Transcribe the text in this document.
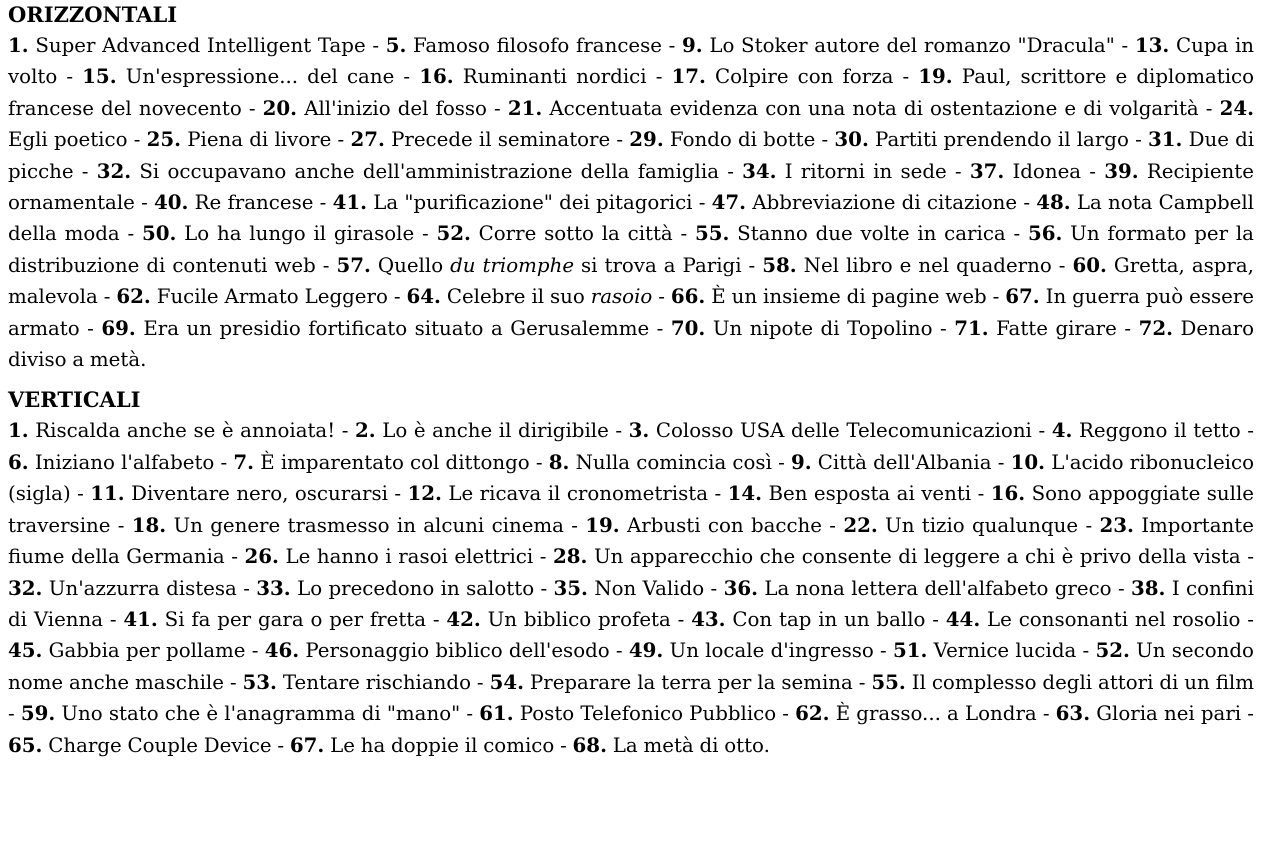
ORIZZONTALI

1. Super Advanced Intelligent Tape - 5. Famoso filosofo francese - 9. Lo Stoker autore del romanzo "Dracula" - 13. Cupa in volto - 15. Un'espressione... del cane - 16. Ruminanti nordici - 17. Colpire con forza - 19. Paul, scrittore e diplomatico francese del novecento - 20. All'inizio del fosso - 21. Accentuata evidenza con una nota di ostentazione e di volgarità - 24. Egli poetico - 25. Piena di livore - 27. Precede il seminatore - 29. Fondo di botte - 30. Partiti prendendo il largo - 31. Due di picche - 32. Si occupavano anche dell'amministrazione della famiglia - 34. I ritorni in sede - 37. Idonea - 39. Recipiente ornamentale - 40. Re francese - 41. La "purificazione" dei pitagorici - 47. Abbreviazione di citazione - 48. La nota Campbell della moda - 50. Lo ha lungo il girasole - 52. Corre sotto la città - 55. Stanno due volte in carica - 56. Un formato per la distribuzione di contenuti web - 57. Quello du triomphe si trova a Parigi - 58. Nel libro e nel quaderno - 60. Gretta, aspra, malevola - 62. Fucile Armato Leggero - 64. Celebre il suo rasoio - 66. È un insieme di pagine web - 67. In guerra può essere armato - 69. Era un presidio fortificato situato a Gerusalemme - 70. Un nipote di Topolino - 71. Fatte girare - 72. Denaro diviso a metà.

VERTICALI

1. Riscalda anche se è annoiata! - 2. Lo è anche il dirigibile - 3. Colosso USA delle Telecomunicazioni - 4. Reggono il tetto - 6. Iniziano l'alfabeto - 7. È imparentato col dittongo - 8. Nulla comincia così - 9. Città dell'Albania - 10. L'acido ribonucleico (sigla) - 11. Diventare nero, oscurarsi - 12. Le ricava il cronometrista - 14. Ben esposta ai venti - 16. Sono appoggiate sulle traversine - 18. Un genere trasmesso in alcuni cinema - 19. Arbusti con bacche - 22. Un tizio qualunque - 23. Importante fiume della Germania - 26. Le hanno i rasoi elettrici - 28. Un apparecchio che consente di leggere a chi è privo della vista - 32. Un'azzurra distesa - 33. Lo precedono in salotto - 35. Non Valido - 36. La nona lettera dell'alfabeto greco - 38. I confini di Vienna - 41. Si fa per gara o per fretta - 42. Un biblico profeta - 43. Con tap in un ballo - 44. Le consonanti nel rosolio - 45. Gabbia per pollame - 46. Personaggio biblico dell'esodo - 49. Un locale d'ingresso - 51. Vernice lucida - 52. Un secondo nome anche maschile - 53. Tentare rischiando - 54. Preparare la terra per la semina - 55. Il complesso degli attori di un film - 59. Uno stato che è l'anagramma di "mano" - 61. Posto Telefonico Pubblico - 62. È grasso... a Londra - 63. Gloria nei pari - 65. Charge Couple Device - 67. Le ha doppie il comico - 68. La metà di otto.
